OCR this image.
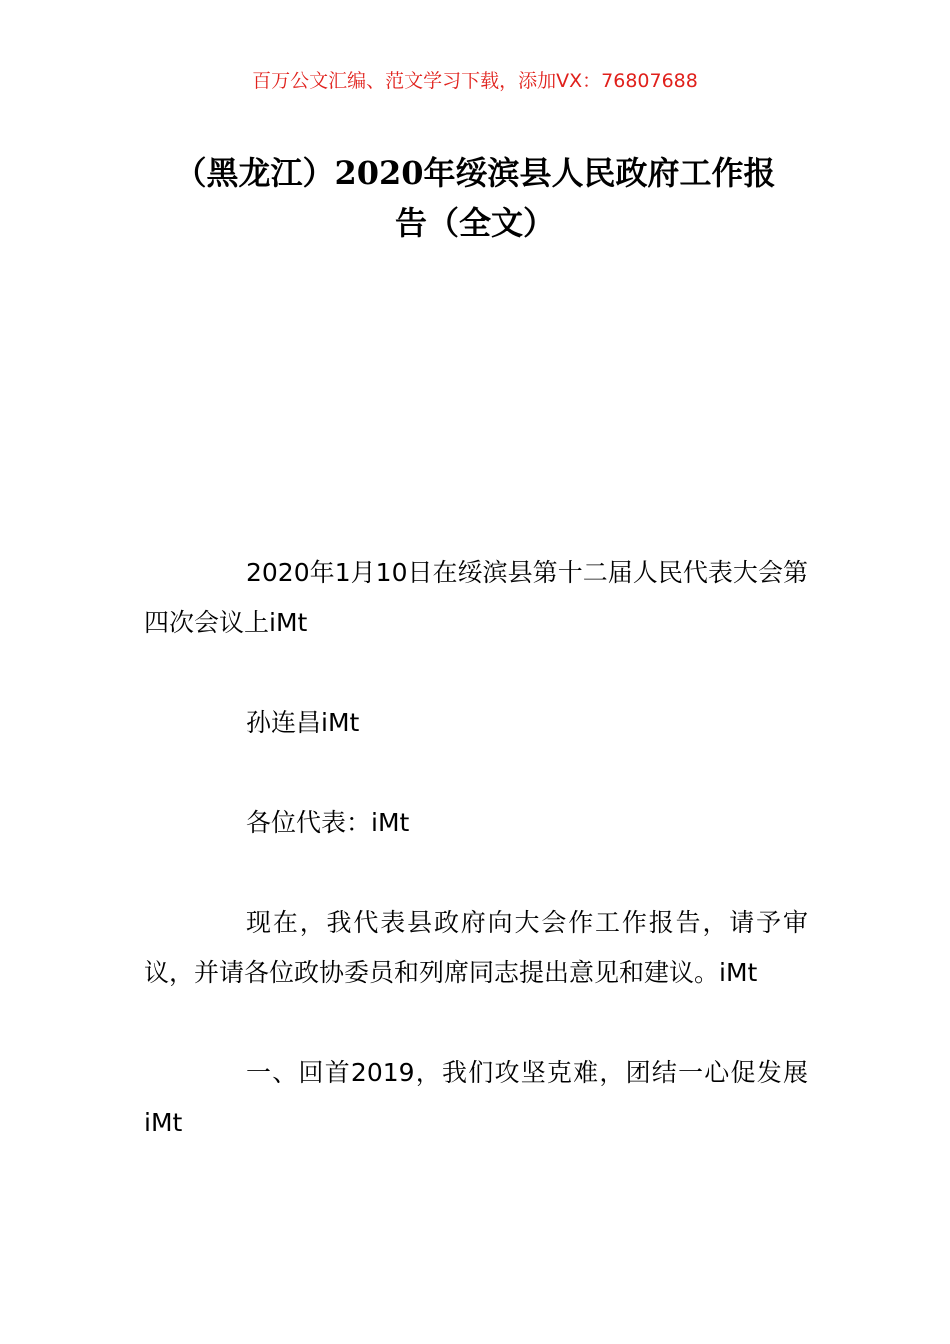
百万公文汇编、范文学习下载，添加VX：76807688
（黑龙江）2020年绥滨县人民政府工作报
告（全文）

2020年1月10日在绥滨县第十二届人民代表大会第四次会议上iMt

孙连昌iMt

各位代表：iMt

现在，我代表县政府向大会作工作报告，请予审议，并请各位政协委员和列席同志提出意见和建议。iMt

一、回首2019，我们攻坚克难，团结一心促发展iMt
